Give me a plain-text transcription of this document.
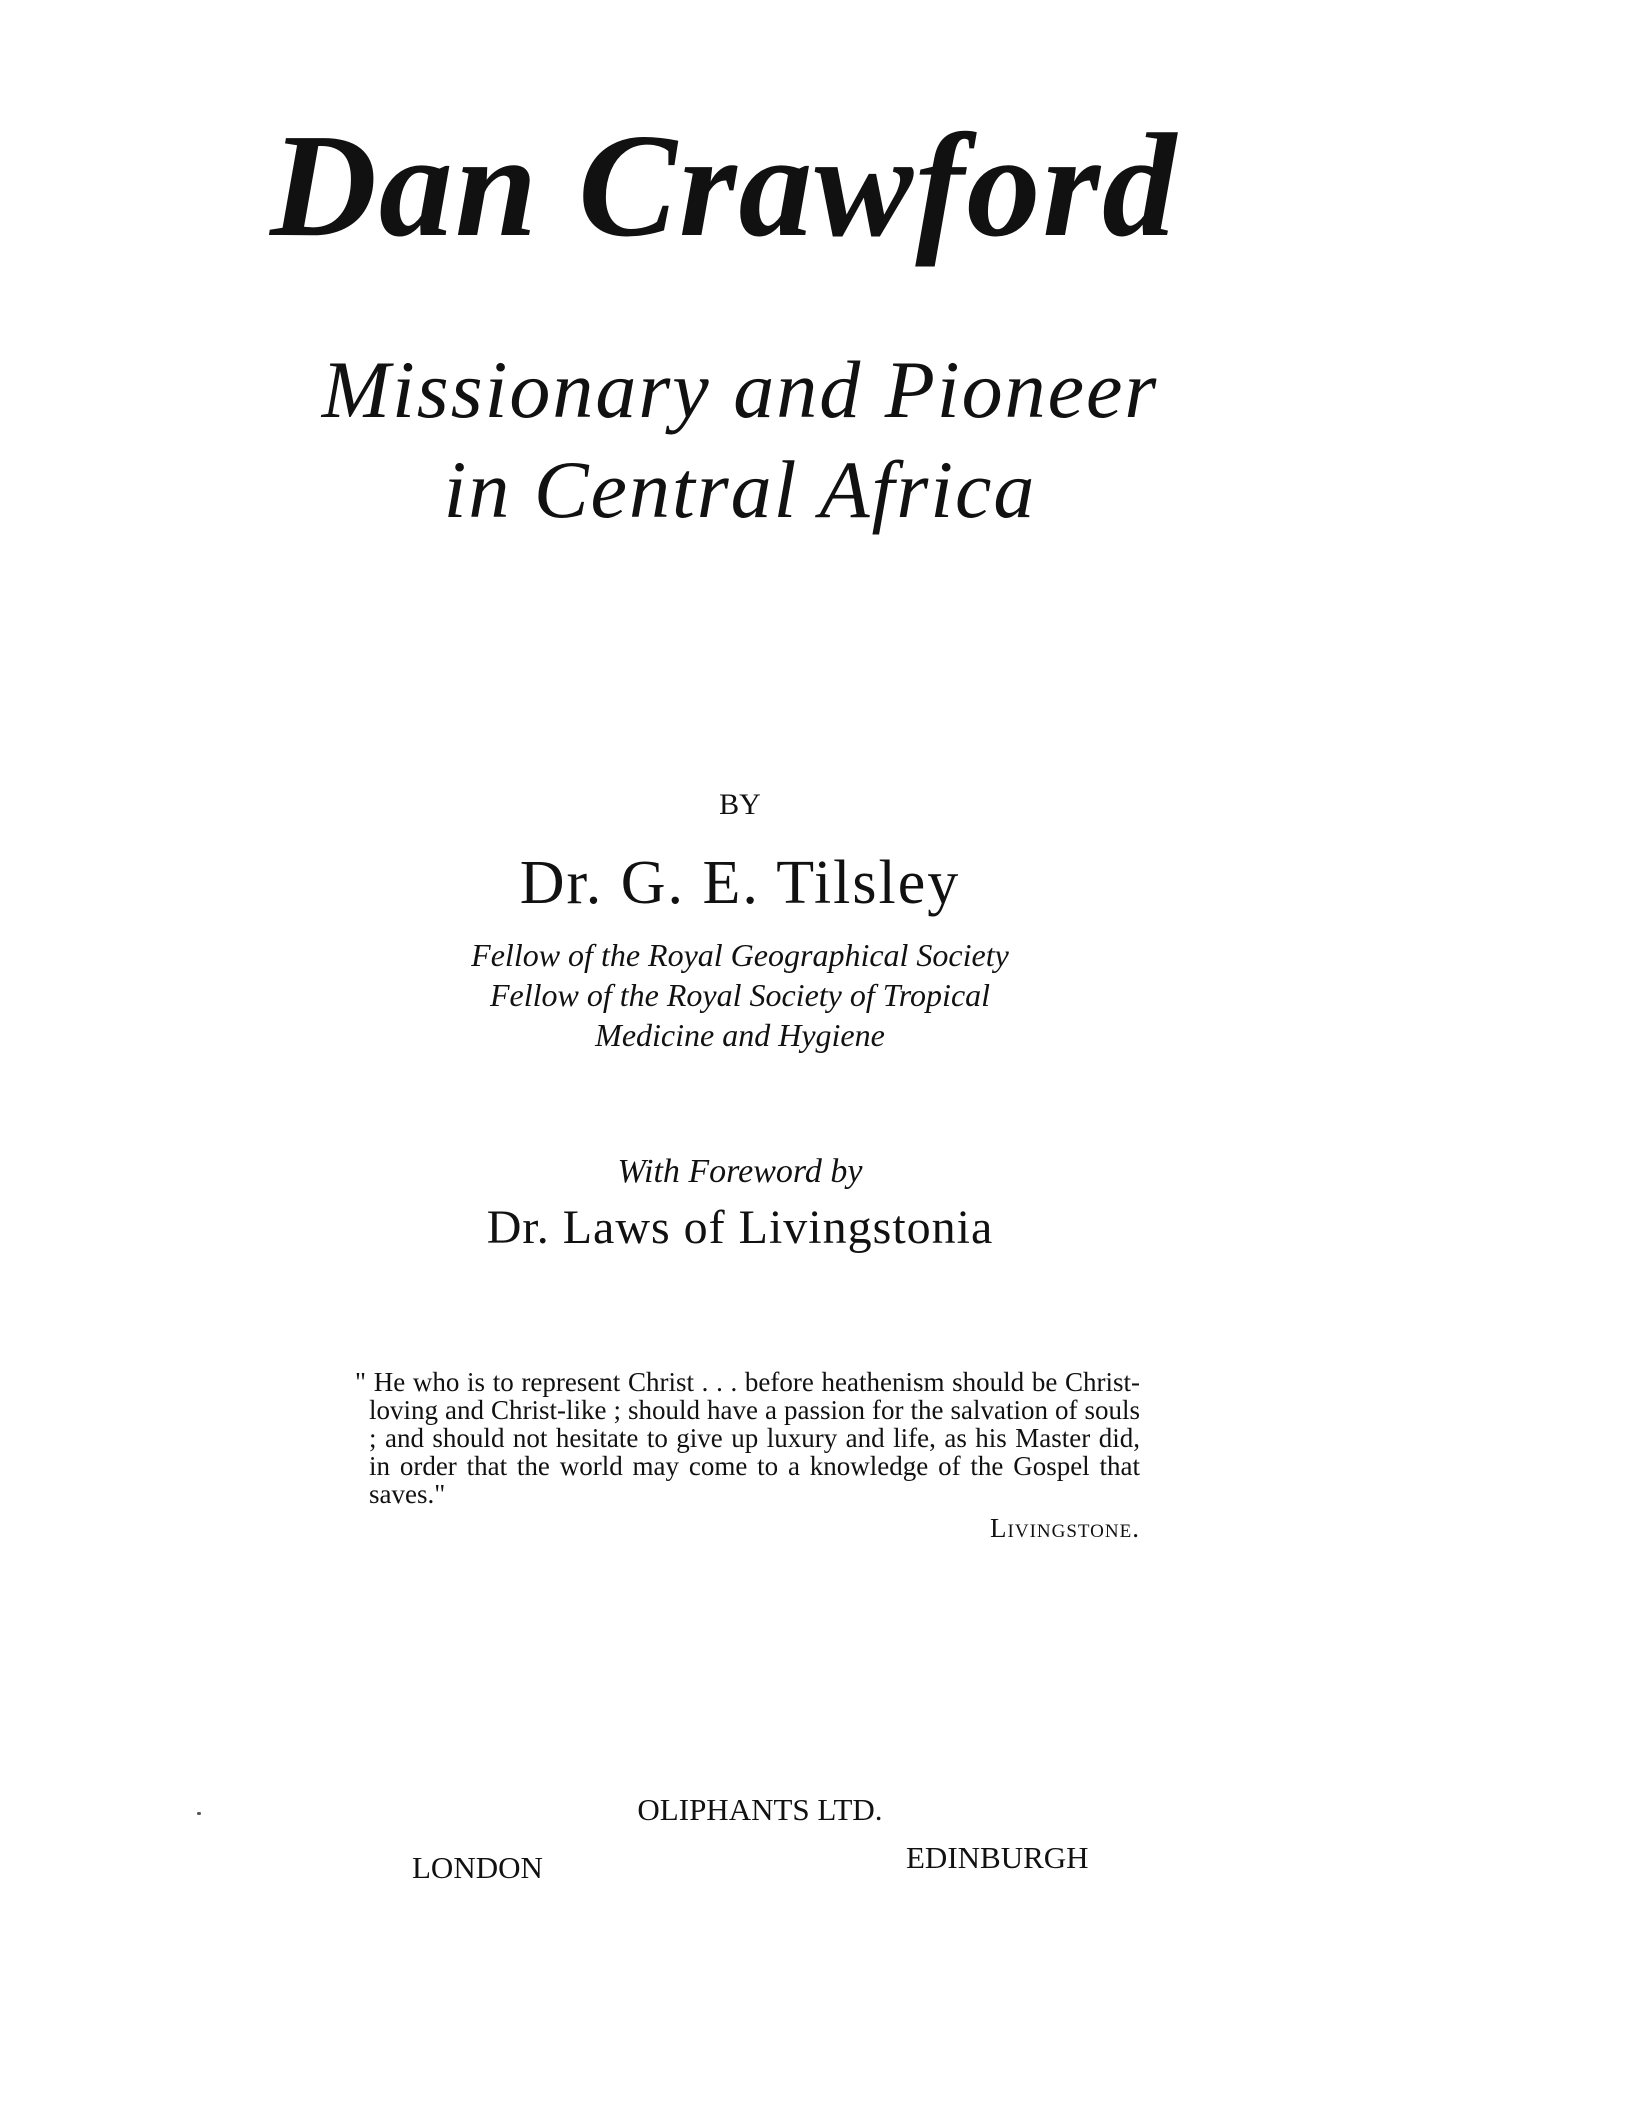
Dan Crawford
Missionary and Pioneer
in Central Africa
BY
Dr. G. E. Tilsley
Fellow of the Royal Geographical Society
Fellow of the Royal Society of Tropical
Medicine and Hygiene
With Foreword by
Dr. Laws of Livingstonia

" He who is to represent Christ . . . before heathenism should be Christ-loving and Christ-like ; should have a passion for the salvation of souls ; and should not hesitate to give up luxury and life, as his Master did, in order that the world may come to a knowledge of the Gospel that saves."

Livingstone.
OLIPHANTS LTD.
LONDON	EDINBURGH
